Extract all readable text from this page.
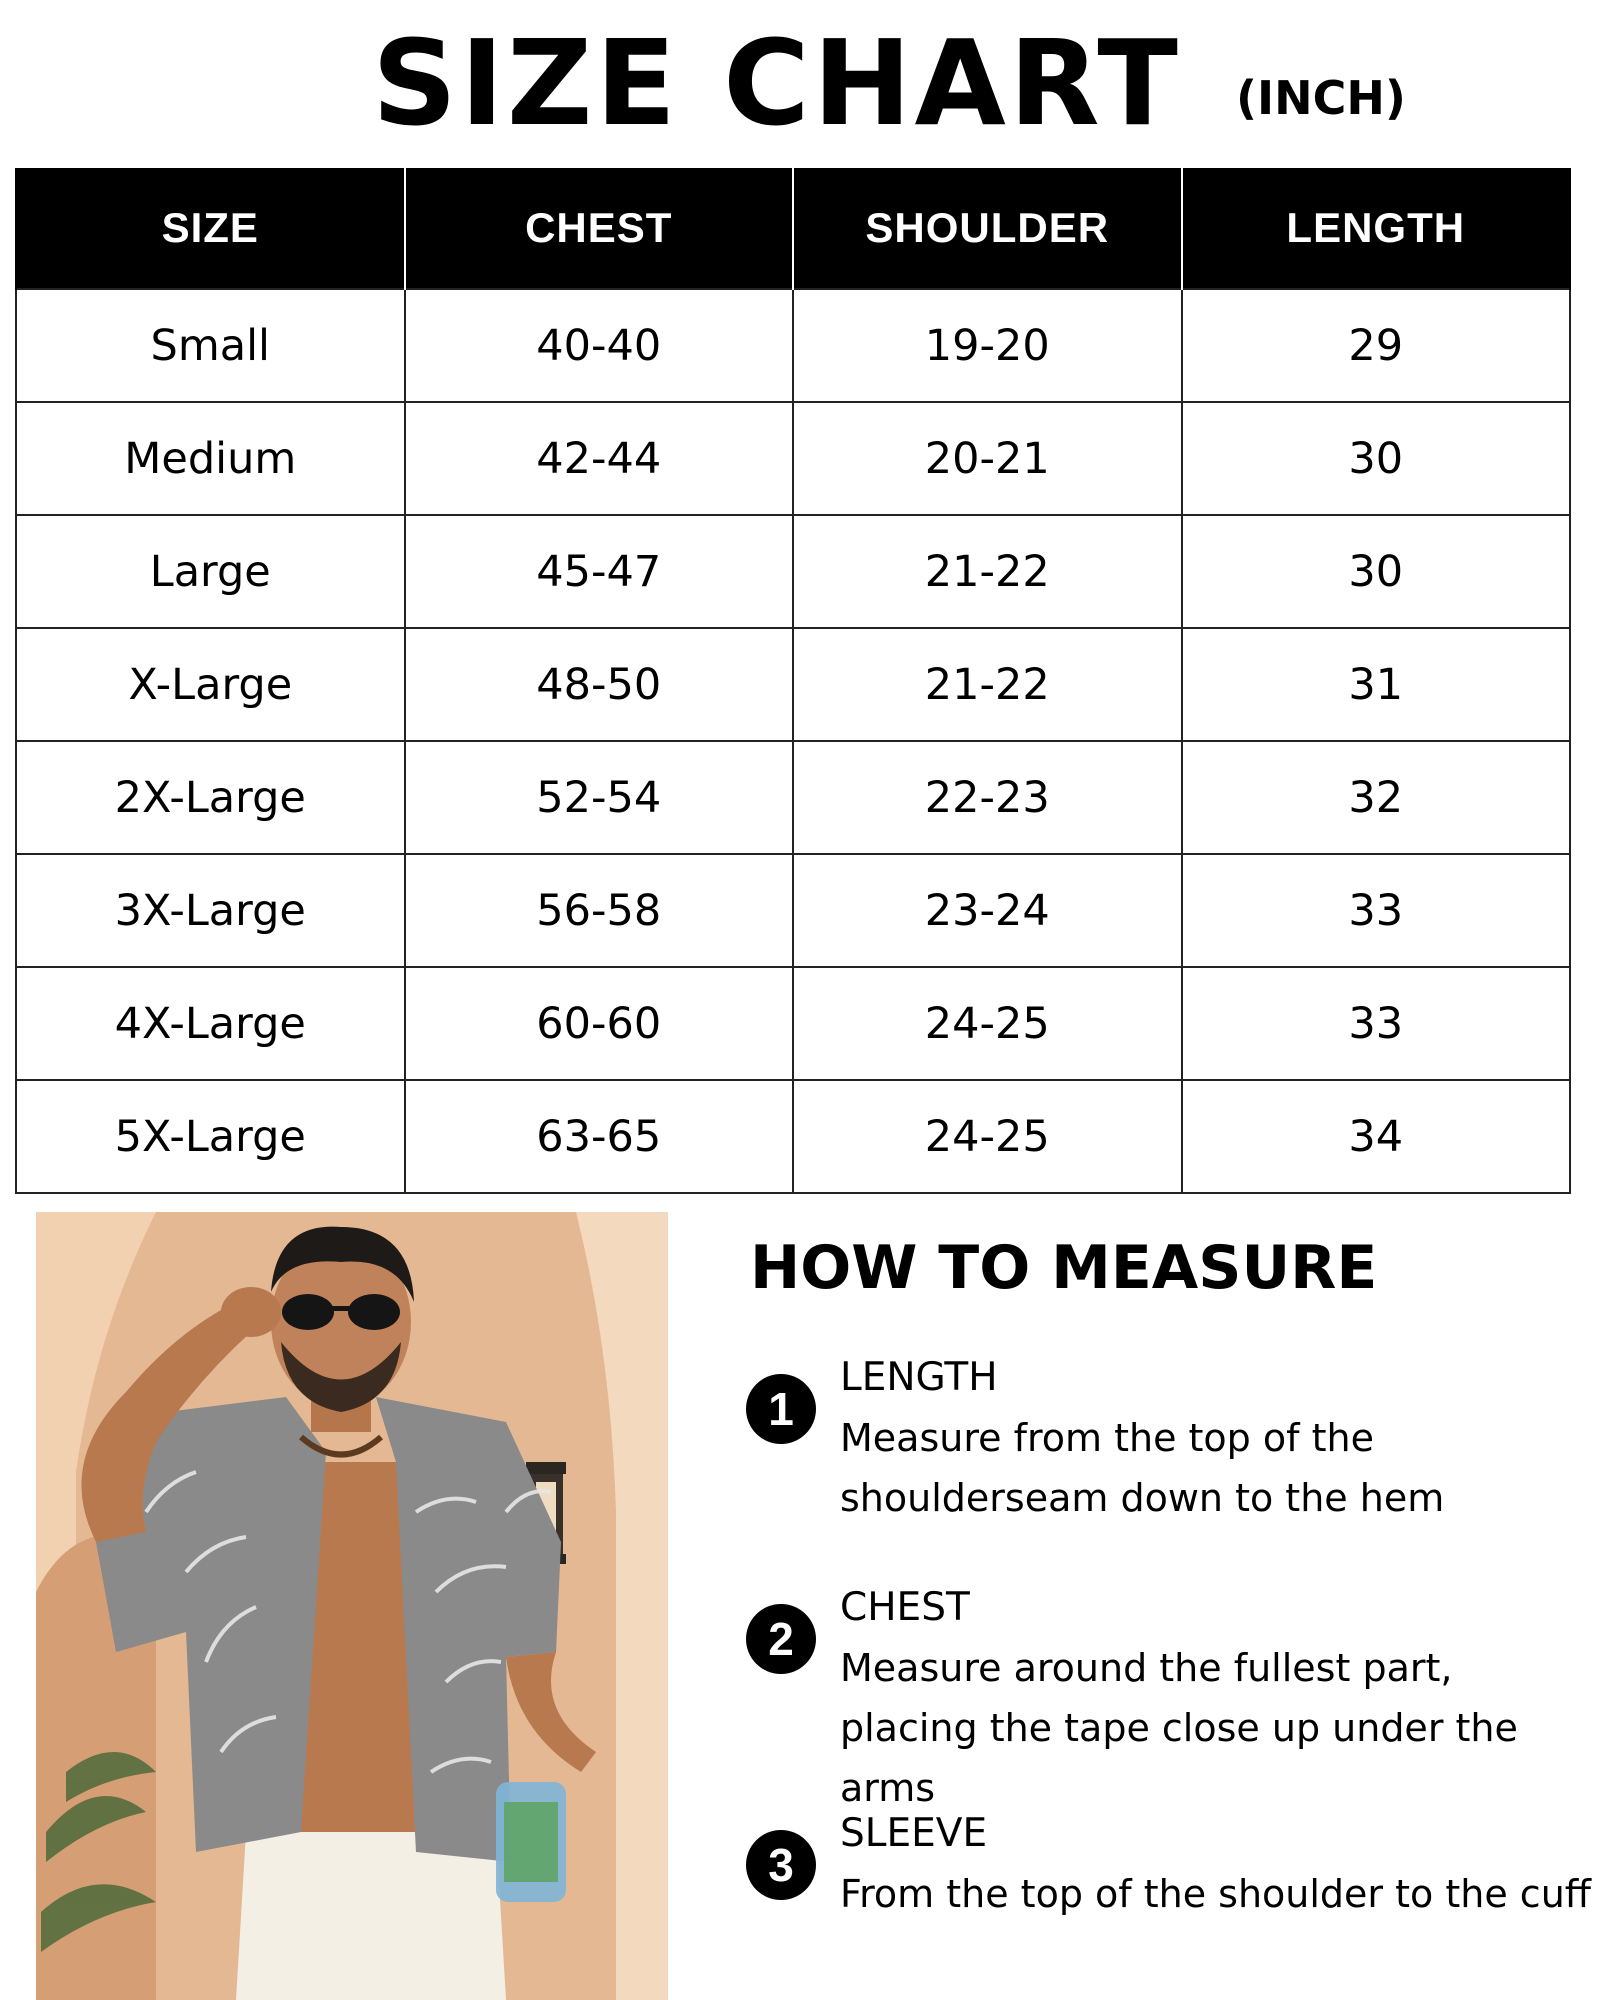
SIZE CHART (INCH)
SIZE	CHEST	SHOULDER	LENGTH
Small	40-40	19-20	29
Medium	42-44	20-21	30
Large	45-47	21-22	30
X-Large	48-50	21-22	31
2X-Large	52-54	22-23	32
3X-Large	56-58	23-24	33
4X-Large	60-60	24-25	33
5X-Large	63-65	24-25	34
HOW TO MEASURE
1
LENGTH
Measure from the top of the shoulderseam down to the hem
2
CHEST
Measure around the fullest part, placing the tape close up under the arms
3
SLEEVE
From the top of the shoulder to the cuff
